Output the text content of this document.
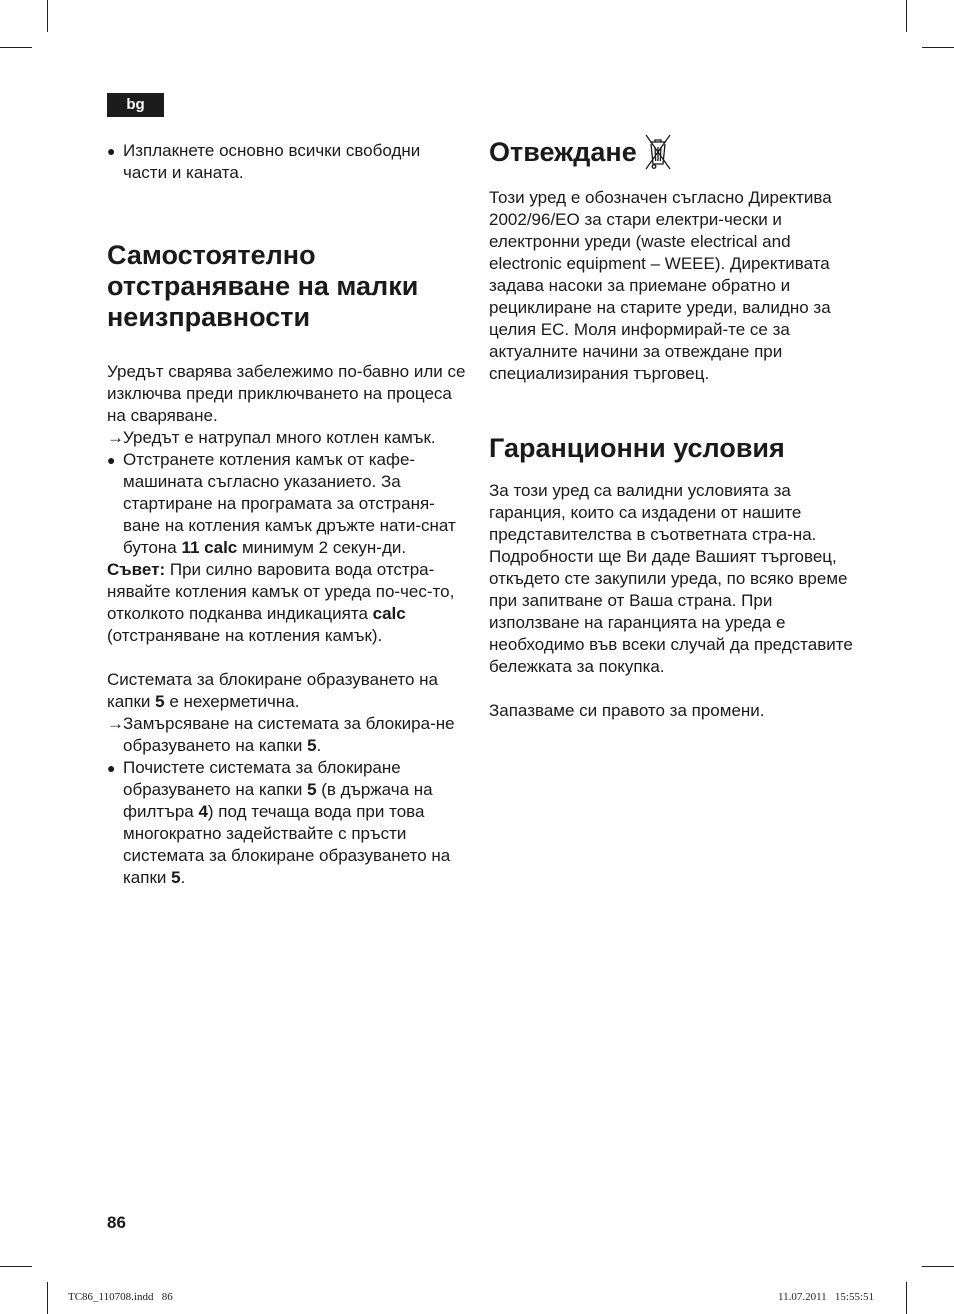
bg

● Изплакнете основно всички свободни части и каната.

Самостоятелно отстраняване на малки неизправности

Уредът сварява забележимо по-бавно или се изключва преди приключването на процеса на сваряване.

→ Уредът е натрупал много котлен камък.

● Отстранете котления камък от кафе-машината съгласно указанието. За стартиране на програмата за отстраня-ване на котления камък дръжте нати-снат бутона 11 calc минимум 2 секун-ди.

Съвет: При силно варовита вода отстра-нявайте котления камък от уреда по-чес-то, отколкото подканва индикацията calc (отстраняване на котления камък).

Системата за блокиране образуването на капки 5 е нехерметична.

→ Замърсяване на системата за блокира-не образуването на капки 5.

● Почистете системата за блокиране образуването на капки 5 (в държача на филтъра 4) под течаща вода при това многократно задействайте с пръсти системата за блокиране образуването на капки 5.

Отвеждане

Този уред е обозначен съгласно Директива 2002/96/ЕО за стари електри-чески и електронни уреди (waste electrical and electronic equipment – WEEE). Директивата задава насоки за приемане обратно и рециклиране на старите уреди, валидно за целия ЕС. Моля информирай-те се за актуалните начини за отвеждане при специализирания търговец.

Гаранционни условия

За този уред са валидни условията за гаранция, които са издадени от нашите представителства в съответната стра-на. Подробности ще Ви даде Вашият търговец, откъдето сте закупили уреда, по всяко време при запитване от Ваша страна. При използване на гаранцията на уреда е необходимо във всеки случай да представите бележката за покупка.

Запазваме си правото за промени.

86
TC86_110708.indd   86	11.07.2011   15:55:51
